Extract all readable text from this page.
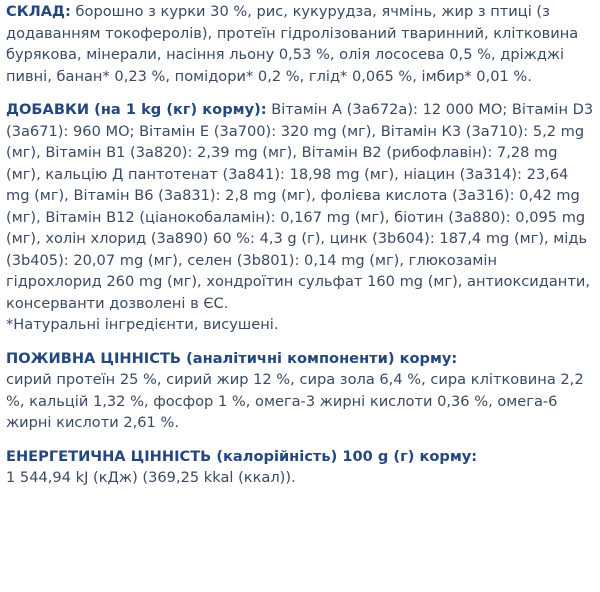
СКЛАД: борошно з курки 30 %, рис, кукурудза, ячмінь, жир з птиці (з додаванням токоферолів), протеїн гідролізований тваринний, клітковина бурякова, мінерали, насіння льону 0,53 %, олія лососева 0,5 %, дріжджі пивні, банан* 0,23 %, помідори* 0,2 %, глід* 0,065 %, імбир* 0,01 %.

ДОБАВКИ (на 1 kg (кг) корму): Вітамін А (3a672a): 12 000 МО; Вітамін D3 (3a671): 960 МО; Вітамін Е (3a700): 320 mg (мг), Вітамін К3 (3a710): 5,2 mg (мг), Вітамін В1 (3a820): 2,39 mg (мг), Вітамін В2 (рибофлавін): 7,28 mg (мг), кальцію Д пантотенат (3a841): 18,98 mg (мг), ніацин (3a314): 23,64 mg (мг), Вітамін В6 (3a831): 2,8 mg (мг), фолієва кислота (3a316): 0,42 mg (мг), Вітамін В12 (ціанокобаламін): 0,167 mg (мг), біотин (3a880): 0,095 mg (мг), холін хлорид (3a890) 60 %: 4,3 g (г), цинк (3b604): 187,4 mg (мг), мідь (3b405): 20,07 mg (мг), селен (3b801): 0,14 mg (мг), глюкозамін гідрохлорид 260 mg (мг), хондроїтин сульфат 160 mg (мг), антиоксиданти, консерванти дозволені в ЄС.
*Натуральні інгредієнти, висушені.

ПОЖИВНА ЦІННІСТЬ (аналітичні компоненти) корму:
сирий протеїн 25 %, сирий жир 12 %, сира зола 6,4 %, сира клітковина 2,2 %, кальцій 1,32 %, фосфор 1 %, омега-3 жирні кислоти 0,36 %, омега-6 жирні кислоти 2,61 %.

ЕНЕРГЕТИЧНА ЦІННІСТЬ (калорійність) 100 g (г) корму:
1 544,94 kJ (кДж) (369,25 kkal (ккал)).
